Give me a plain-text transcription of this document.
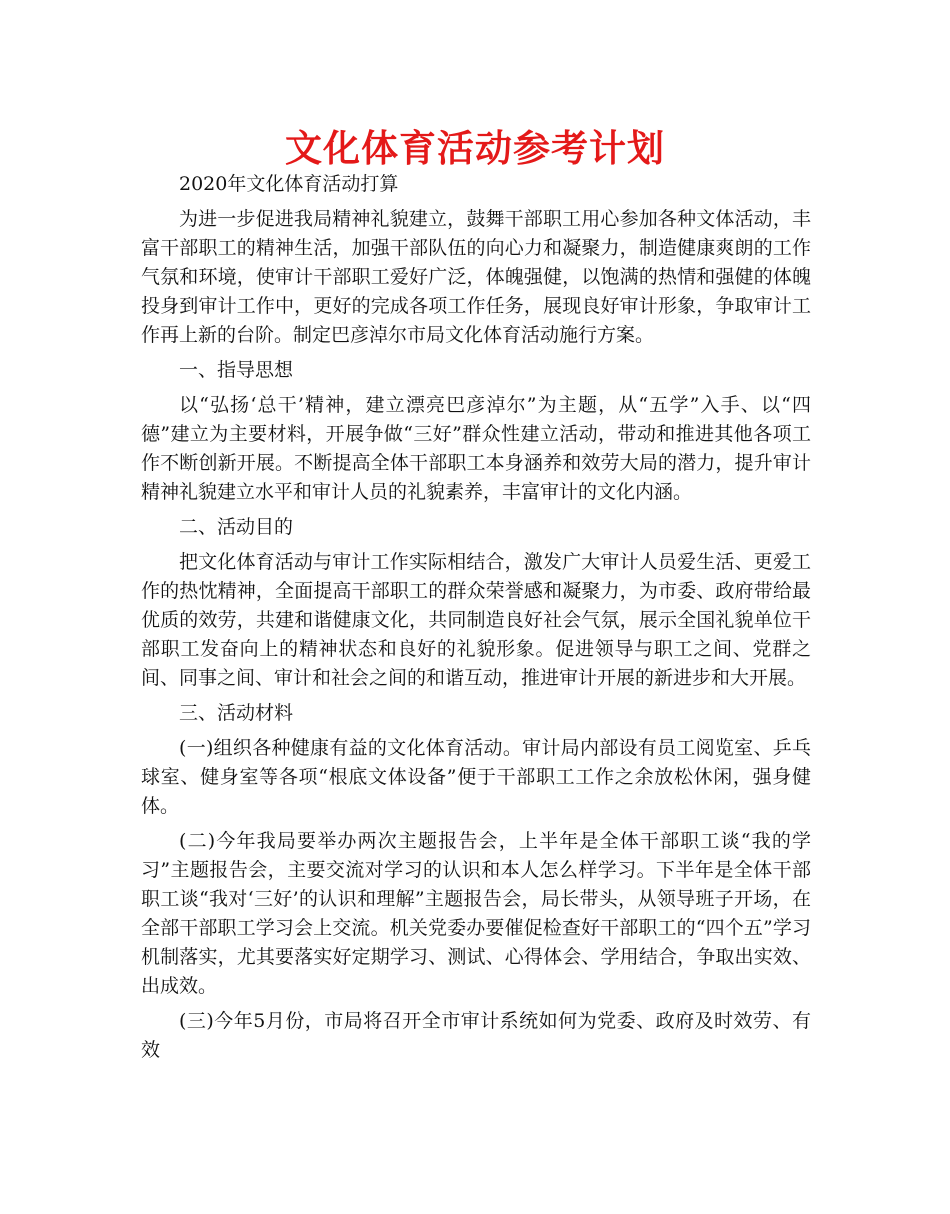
文化体育活动参考计划

2020年文化体育活动打算

为进一步促进我局精神礼貌建立，鼓舞干部职工用心参加各种文体活动，丰富干部职工的精神生活，加强干部队伍的向心力和凝聚力，制造健康爽朗的工作气氛和环境，使审计干部职工爱好广泛，体魄强健，以饱满的热情和强健的体魄投身到审计工作中，更好的完成各项工作任务，展现良好审计形象，争取审计工作再上新的台阶。制定巴彦淖尔市局文化体育活动施行方案。

一、指导思想

以“弘扬‘总干’精神，建立漂亮巴彦淖尔”为主题，从“五学”入手、以“四德”建立为主要材料，开展争做“三好”群众性建立活动，带动和推进其他各项工作不断创新开展。不断提高全体干部职工本身涵养和效劳大局的潜力，提升审计精神礼貌建立水平和审计人员的礼貌素养，丰富审计的文化内涵。

二、活动目的

把文化体育活动与审计工作实际相结合，激发广大审计人员爱生活、更爱工作的热忱精神，全面提高干部职工的群众荣誉感和凝聚力，为市委、政府带给最优质的效劳，共建和谐健康文化，共同制造良好社会气氛，展示全国礼貌单位干部职工发奋向上的精神状态和良好的礼貌形象。促进领导与职工之间、党群之间、同事之间、审计和社会之间的和谐互动，推进审计开展的新进步和大开展。

三、活动材料

(一)组织各种健康有益的文化体育活动。审计局内部设有员工阅览室、乒乓球室、健身室等各项“根底文体设备”便于干部职工工作之余放松休闲，强身健体。

(二)今年我局要举办两次主题报告会，上半年是全体干部职工谈“我的学习”主题报告会，主要交流对学习的认识和本人怎么样学习。下半年是全体干部职工谈“我对‘三好’的认识和理解”主题报告会，局长带头，从领导班子开场，在全部干部职工学习会上交流。机关党委办要催促检查好干部职工的“四个五”学习机制落实，尤其要落实好定期学习、测试、心得体会、学用结合，争取出实效、出成效。

(三)今年5月份，市局将召开全市审计系统如何为党委、政府及时效劳、有效
